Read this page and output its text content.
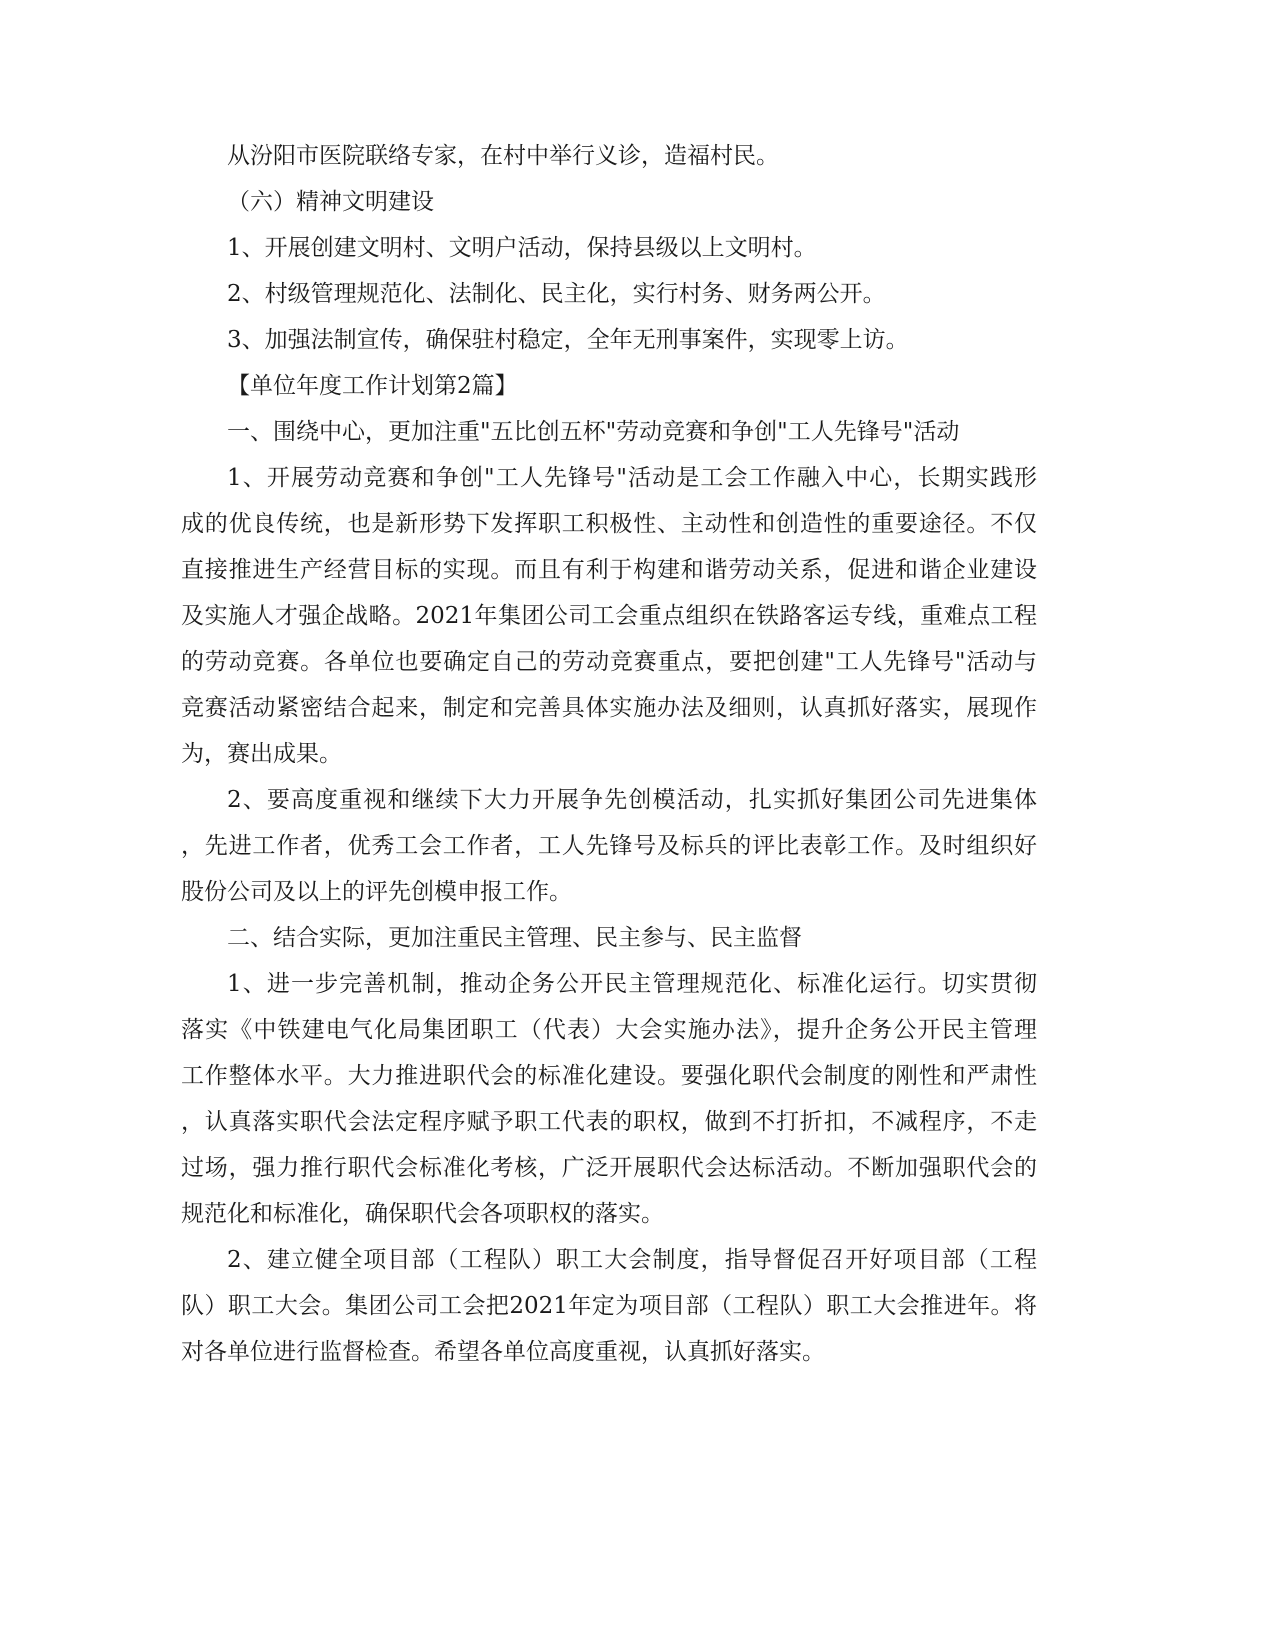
从汾阳市医院联络专家，在村中举行义诊，造福村民。
（六）精神文明建设
1、开展创建文明村、文明户活动，保持县级以上文明村。
2、村级管理规范化、法制化、民主化，实行村务、财务两公开。
3、加强法制宣传，确保驻村稳定，全年无刑事案件，实现零上访。
【单位年度工作计划第2篇】
一、围绕中心，更加注重"五比创五杯"劳动竞赛和争创"工人先锋号"活动
1、开展劳动竞赛和争创"工人先锋号"活动是工会工作融入中心，长期实践形
成的优良传统，也是新形势下发挥职工积极性、主动性和创造性的重要途径。不仅
直接推进生产经营目标的实现。而且有利于构建和谐劳动关系，促进和谐企业建设
及实施人才强企战略。2021年集团公司工会重点组织在铁路客运专线，重难点工程
的劳动竞赛。各单位也要确定自己的劳动竞赛重点，要把创建"工人先锋号"活动与
竞赛活动紧密结合起来，制定和完善具体实施办法及细则，认真抓好落实，展现作
为，赛出成果。
2、要高度重视和继续下大力开展争先创模活动，扎实抓好集团公司先进集体
，先进工作者，优秀工会工作者，工人先锋号及标兵的评比表彰工作。及时组织好
股份公司及以上的评先创模申报工作。
二、结合实际，更加注重民主管理、民主参与、民主监督
1、进一步完善机制，推动企务公开民主管理规范化、标准化运行。切实贯彻
落实《中铁建电气化局集团职工（代表）大会实施办法》，提升企务公开民主管理
工作整体水平。大力推进职代会的标准化建设。要强化职代会制度的刚性和严肃性
，认真落实职代会法定程序赋予职工代表的职权，做到不打折扣，不减程序，不走
过场，强力推行职代会标准化考核，广泛开展职代会达标活动。不断加强职代会的
规范化和标准化，确保职代会各项职权的落实。
2、建立健全项目部（工程队）职工大会制度，指导督促召开好项目部（工程
队）职工大会。集团公司工会把2021年定为项目部（工程队）职工大会推进年。将
对各单位进行监督检查。希望各单位高度重视，认真抓好落实。
